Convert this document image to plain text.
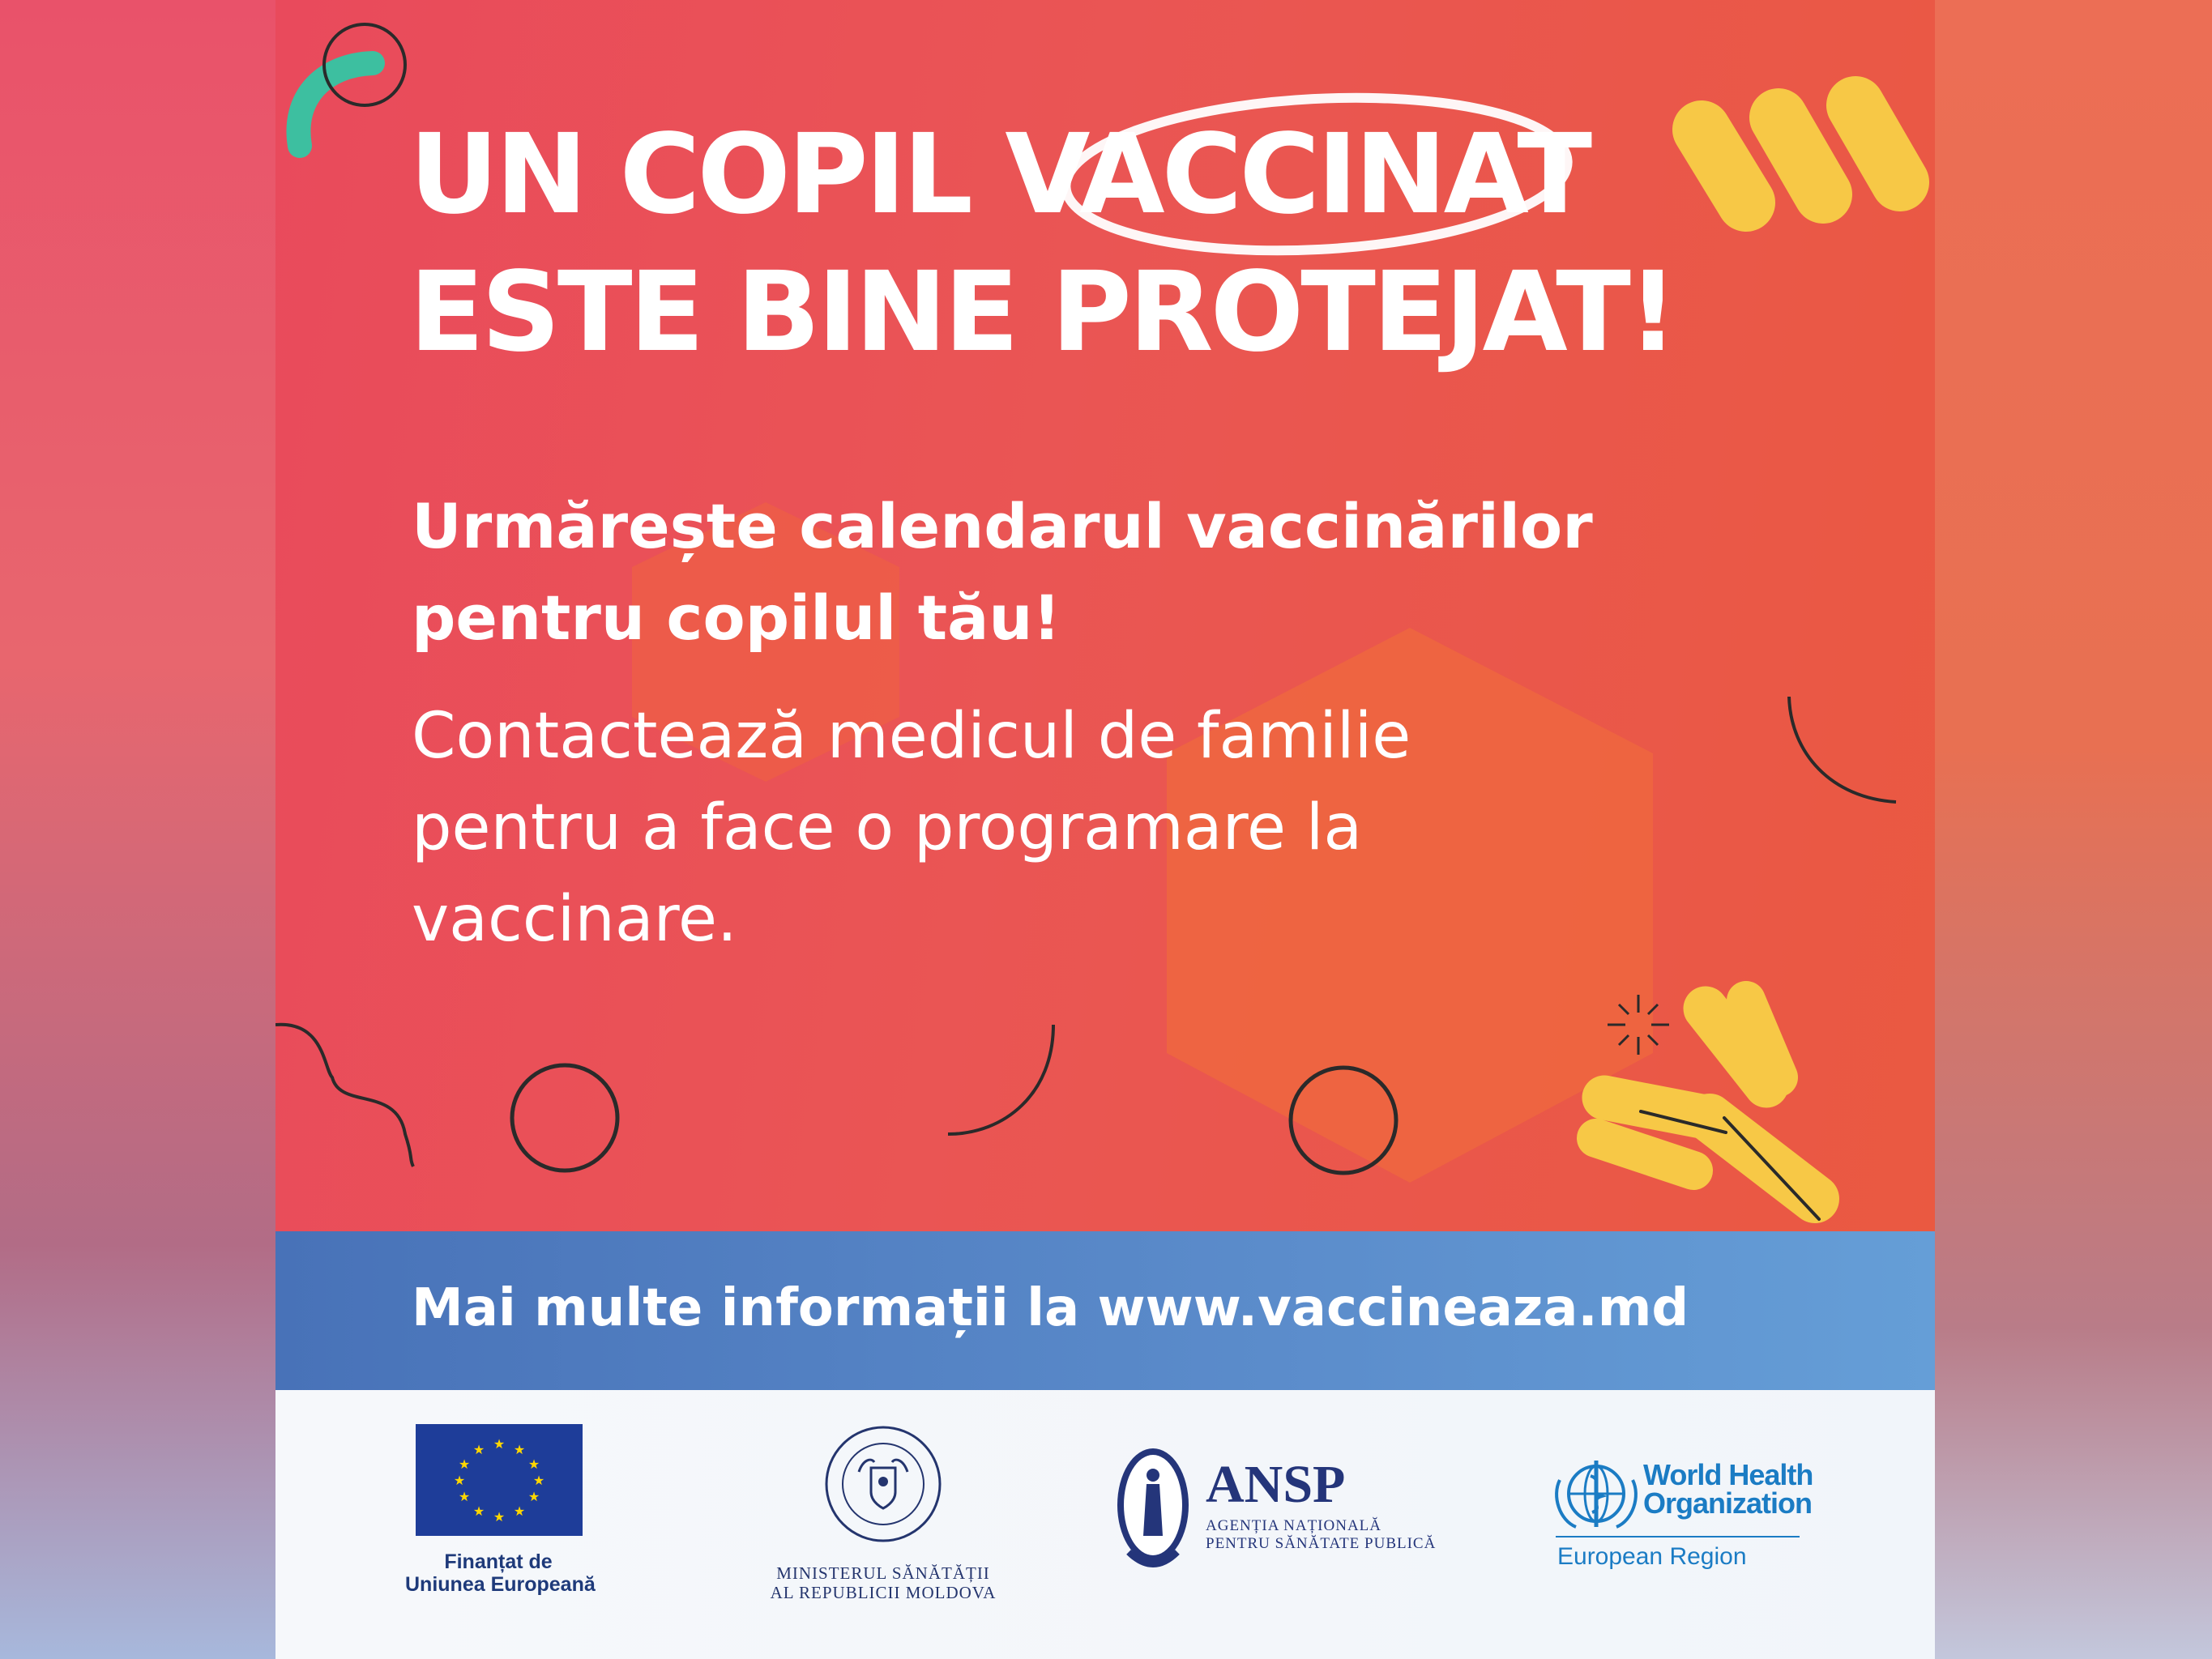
UN COPIL VACCINAT
ESTE BINE PROTEJAT!
Urmărește calendarul vaccinărilor
pentru copilul tău!
Contactează medicul de familie
pentru a face o programare la
vaccinare.
Mai multe informații la www.vaccineaza.md
★ ★
★
★
★
★
★
★
★
★
★
★
Finanțat de
Uniunea Europeană	MINISTERUL SĂNĂTĂȚII
AL REPUBLICII MOLDOVA
ANSP
AGENȚIA NAȚIONALĂ
PENTRU SĂNĂTATE PUBLICĂ
World Health
Organization
European Region
